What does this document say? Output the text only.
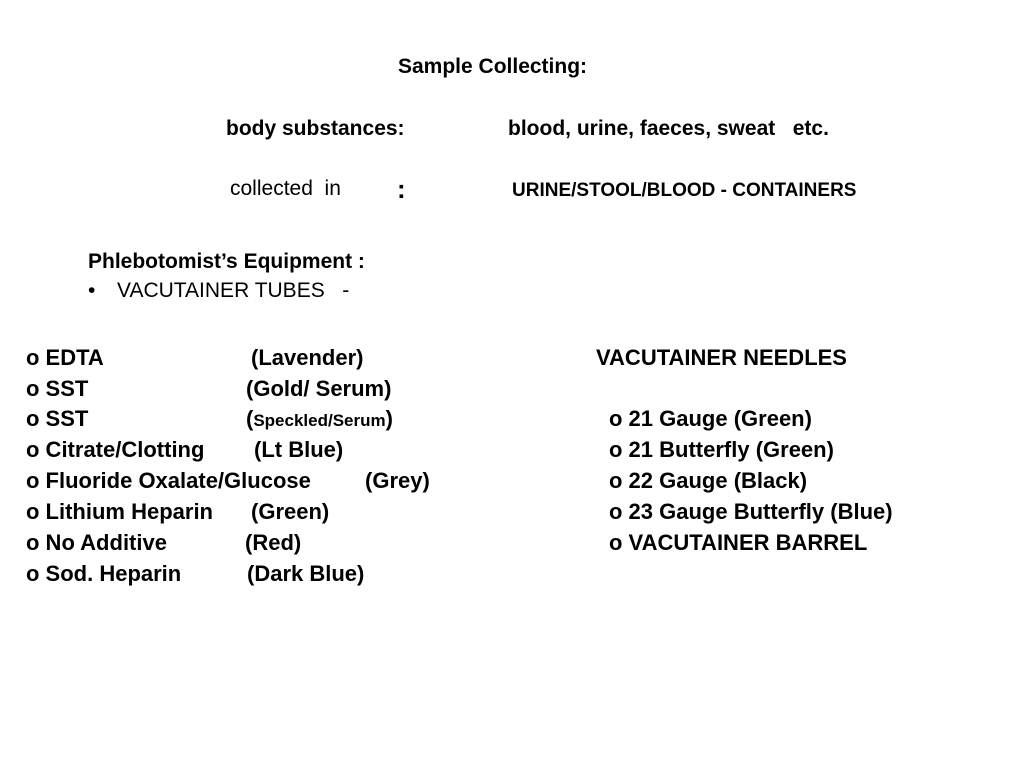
Sample Collecting:
body substances:	blood, urine, faeces, sweat   etc.
collected  in :	URINE/STOOL/BLOOD - CONTAINERS
Phlebotomist’s Equipment :
• VACUTAINER TUBES   -
o EDTA	(Lavender)
o SST	(Gold/ Serum)
o SST	(Speckled/Serum)
o Citrate/Clotting (Lt Blue)
o Fluoride Oxalate/Glucose (Grey)
o Lithium Heparin (Green)
o No Additive	(Red)
o Sod. Heparin	(Dark Blue)
VACUTAINER NEEDLES
o 21 Gauge (Green)
o 21 Butterfly (Green)
o 22 Gauge (Black)
o 23 Gauge Butterfly (Blue)
o VACUTAINER BARREL
